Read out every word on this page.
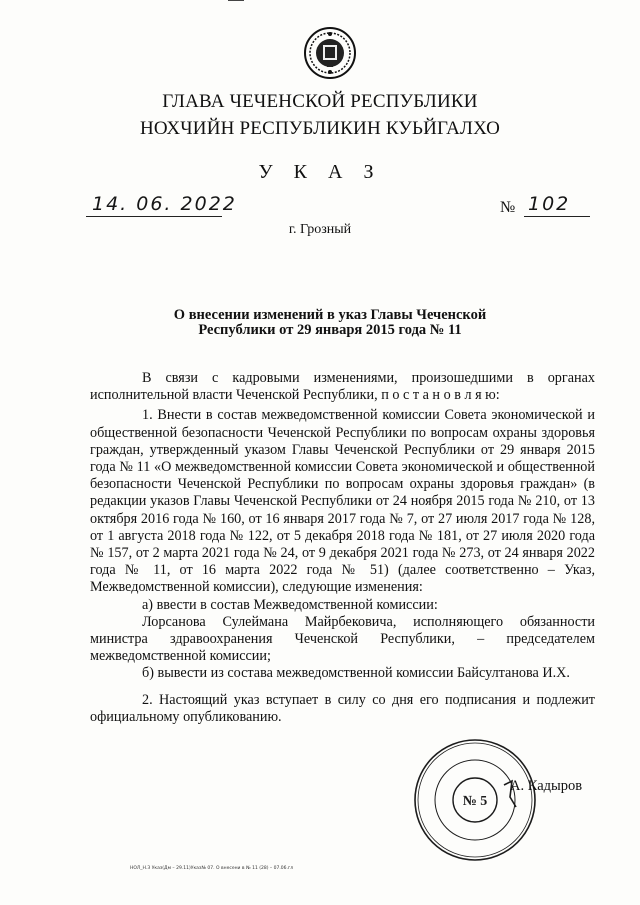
ГЛАВА ЧЕЧЕНСКОЙ РЕСПУБЛИКИ
НОХЧИЙН РЕСПУБЛИКИН КУЬЙГАЛХО
У К А З
14. 06. 2022	№ 102
г. Грозный
О внесении изменений в указ Главы Чеченской
Республики от 29 января 2015 года № 11

В связи с кадровыми изменениями, произошедшими в органах исполнительной власти Чеченской Республики, п о с т а н о в л я ю:

1. Внести в состав межведомственной комиссии Совета экономической и общественной безопасности Чеченской Республики по вопросам охраны здоровья граждан, утвержденный указом Главы Чеченской Республики от 29 января 2015 года № 11 «О межведомственной комиссии Совета экономической и общественной безопасности Чеченской Республики по вопросам охраны здоровья граждан» (в редакции указов Главы Чеченской Республики от 24 ноября 2015 года № 210, от 13 октября 2016 года № 160, от 16 января 2017 года № 7, от 27 июля 2017 года № 128, от 1 августа 2018 года № 122, от 5 декабря 2018 года № 181, от 27 июля 2020 года № 157, от 2 марта 2021 года № 24, от 9 декабря 2021 года № 273, от 24 января 2022 года № 11, от 16 марта 2022 года № 51) (далее соответственно – Указ, Межведомственной комиссии), следующие изменения:

а) ввести в состав Межведомственной комиссии:

Лорсанова Сулеймана Майрбековича, исполняющего обязанности министра здравоохранения Чеченской Республики, – председателем межведомственной комиссии;

б) вывести из состава межведомственной комиссии Байсултанова И.Х.

2. Настоящий указ вступает в силу со дня его подписания и подлежит официальному опубликованию.

№ 5
А. Кадыров
НОЛ_Н.З Указ(Дм – 29.11)Указ№ 07. О внесени в № 11 (28) – 07.06.гл
